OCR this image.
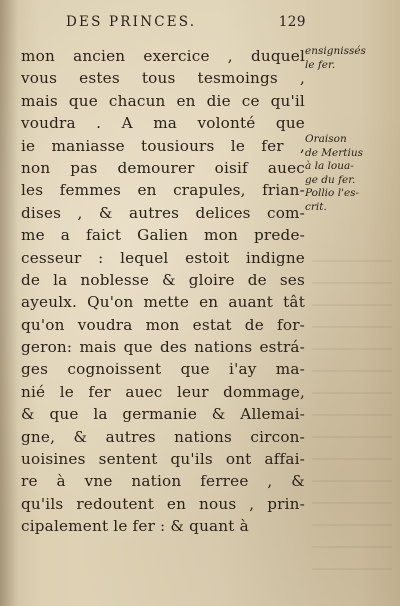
DES PRINCES.	129
mon ancien exercice , duquel
vous estes tous tesmoings ,
mais que chacun en die ce qu'il
voudra . A ma volonté que
ie maniasse tousiours le fer ,
non pas demourer oisif auec
les femmes en crapules, frian-
dises , & autres delices com-
me a faict Galien mon prede-
cesseur : lequel estoit indigne
de la noblesse & gloire de ses
ayeulx. Qu'on mette en auant tât
qu'on voudra mon estat de for-
geron: mais que des nations estrá-
ges cognoissent que i'ay ma-
nié le fer auec leur dommage,
& que la germanie & Allemai-
gne, & autres nations circon-
uoisines sentent qu'ils ont affai-
re à vne nation ferree , &
qu'ils redoutent en nous , prin-
cipalement le fer : & quant à
ensignissés
le fer.
Oraison
de Mertius
à la loua-
ge du fer.
Pollio l'es-
crit.
